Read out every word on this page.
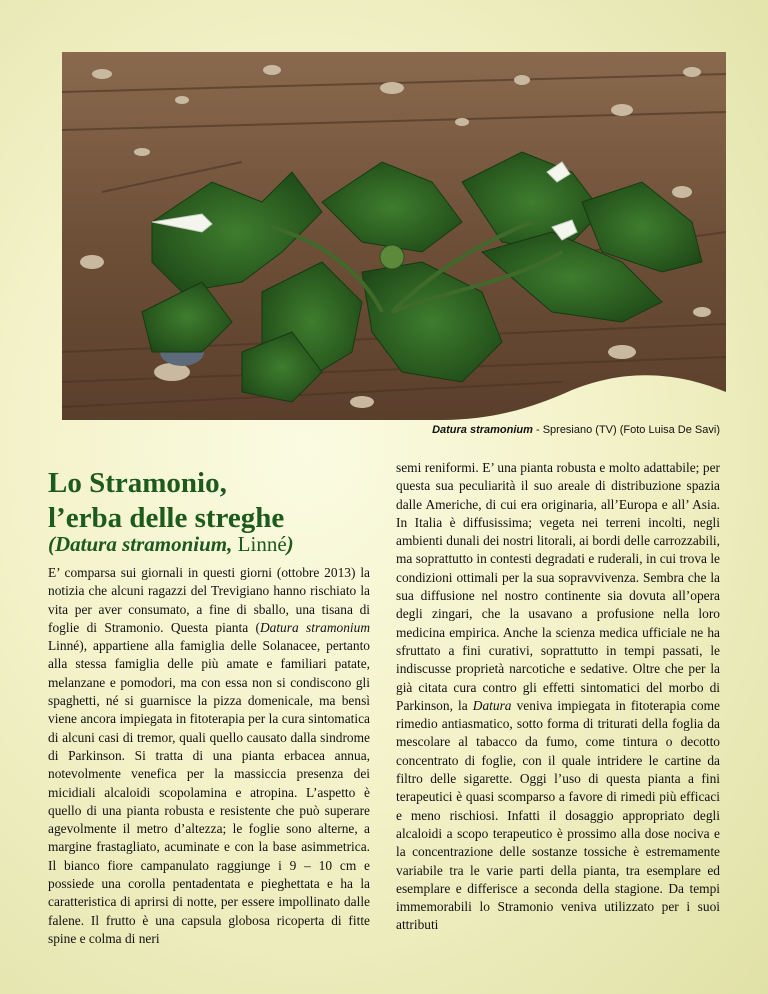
Datura stramonium - Spresiano (TV) (Foto Luisa De Savi)
Lo Stramonio,
l’erba delle streghe
(Datura stramonium, Linné)

E’ comparsa sui giornali in questi giorni (ottobre 2013) la notizia che alcuni ragazzi del Trevigiano hanno rischiato la vita per aver consumato, a fine di sballo, una tisana di foglie di Stramonio. Questa pianta (Datura stramonium Linné), appartiene alla famiglia delle Solanacee, pertanto alla stessa famiglia delle più amate e familiari patate, melanzane e pomodori, ma con essa non si condiscono gli spaghetti, né si guarnisce la pizza domenicale, ma bensì viene ancora impiegata in fitoterapia per la cura sintomatica di alcuni casi di tremor, quali quello causato dalla sindrome di Parkinson. Si tratta di una pianta erbacea annua, notevolmente venefica per la massiccia presenza dei micidiali alcaloidi scopolamina e atropina. L’aspetto è quello di una pianta robusta e resistente che può superare agevolmente il metro d’altezza; le foglie sono alterne, a margine frastagliato, acuminate e con la base asimmetrica. Il bianco fiore campanulato raggiunge i 9 – 10 cm e possiede una corolla pentadentata e pieghettata e ha la caratteristica di aprirsi di notte, per essere impollinato dalle falene. Il frutto è una capsula globosa ricoperta di fitte spine e colma di neri

semi reniformi. E’ una pianta robusta e molto adattabile; per questa sua peculiarità il suo areale di distribuzione spazia dalle Americhe, di cui era originaria, all’Europa e all’ Asia. In Italia è diffusissima; vegeta nei terreni incolti, negli ambienti dunali dei nostri litorali, ai bordi delle carrozzabili, ma soprattutto in contesti degradati e ruderali, in cui trova le condizioni ottimali per la sua sopravvivenza. Sembra che la sua diffusione nel nostro continente sia dovuta all’opera degli zingari, che la usavano a profusione nella loro medicina empirica. Anche la scienza medica ufficiale ne ha sfruttato a fini curativi, soprattutto in tempi passati, le indiscusse proprietà narcotiche e sedative. Oltre che per la già citata cura contro gli effetti sintomatici del morbo di Parkinson, la Datura veniva impiegata in fitoterapia come rimedio antiasmatico, sotto forma di triturati della foglia da mescolare al tabacco da fumo, come tintura o decotto concentrato di foglie, con il quale intridere le cartine da filtro delle sigarette. Oggi l’uso di questa pianta a fini terapeutici è quasi scomparso a favore di rimedi più efficaci e meno rischiosi. Infatti il dosaggio appropriato degli alcaloidi a scopo terapeutico è prossimo alla dose nociva e la concentrazione delle sostanze tossiche è estremamente variabile tra le varie parti della pianta, tra esemplare ed esemplare e differisce a seconda della stagione. Da tempi immemorabili lo Stramonio veniva utilizzato per i suoi attributi
